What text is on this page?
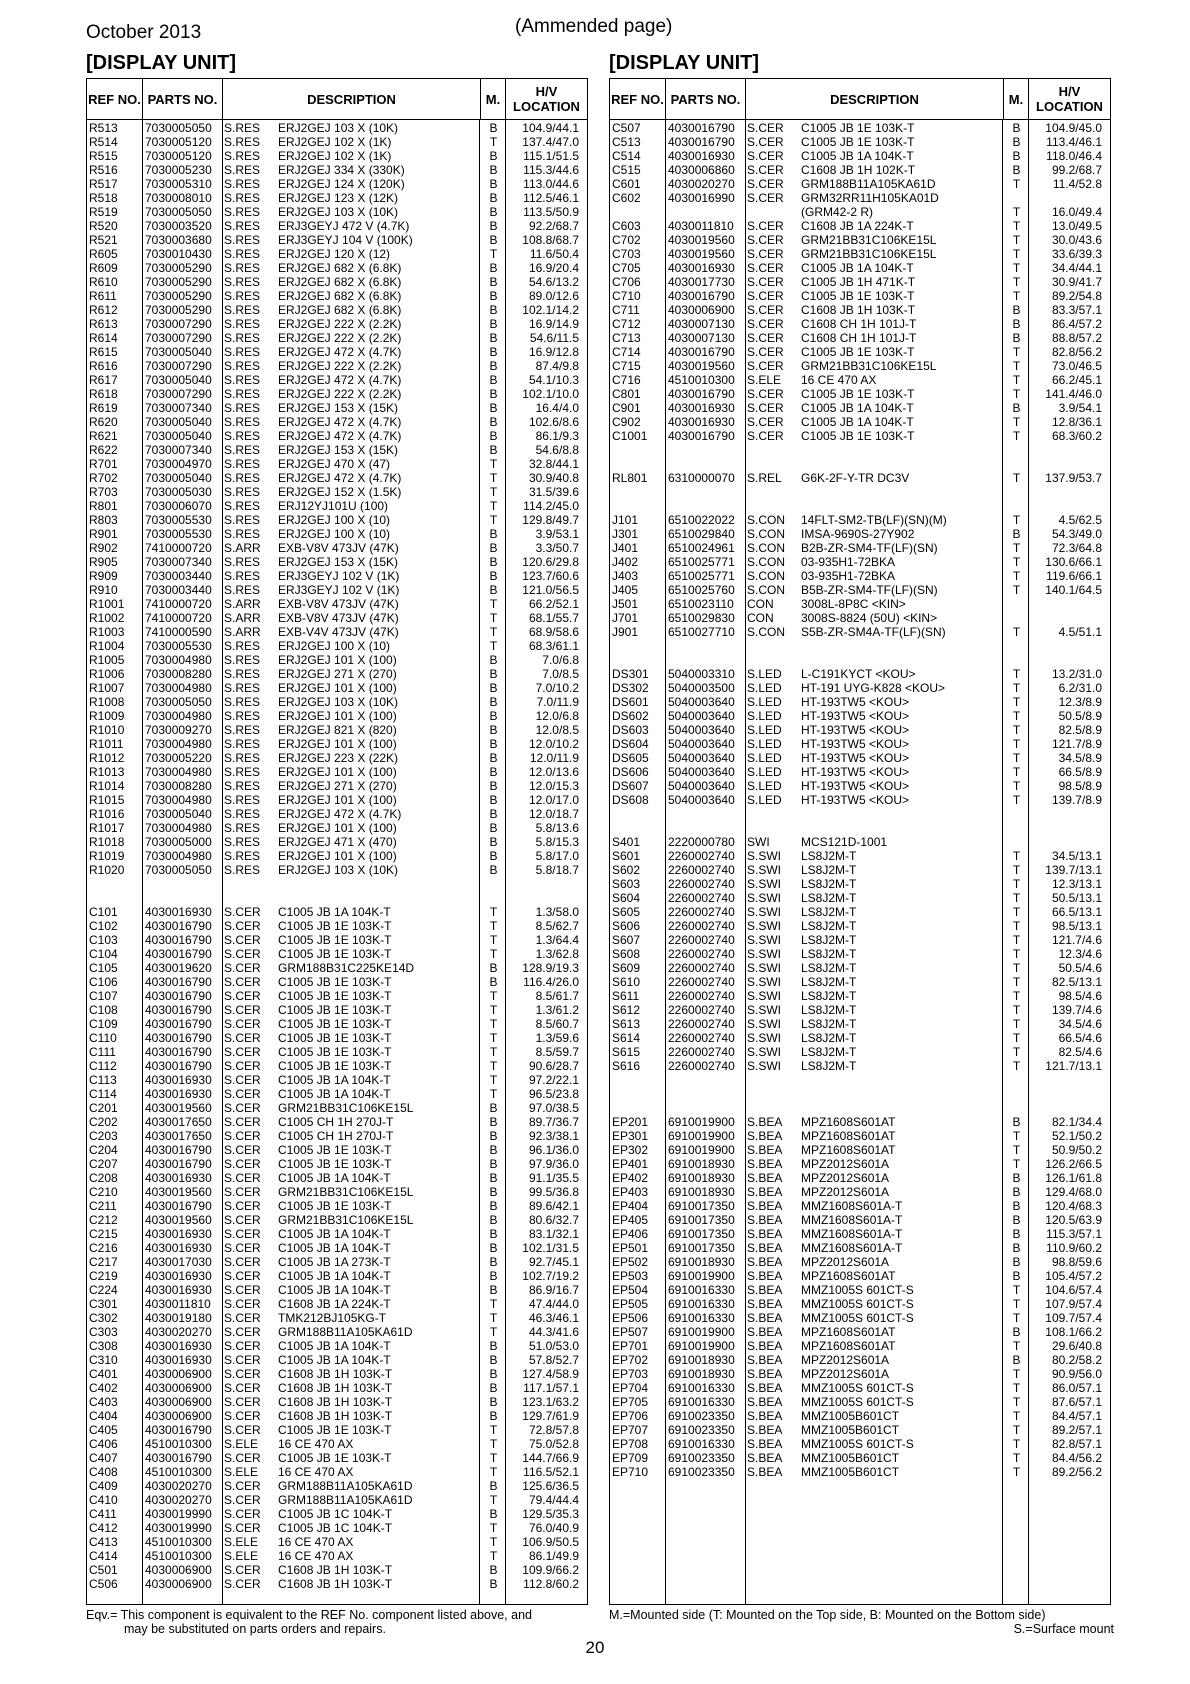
October 2013	(Ammended page)
[DISPLAY UNIT]	[DISPLAY UNIT]
REF NO. PARTS NO.	DESCRIPTION	M.	H/V LOCATION
R513 7030005050 S.RES ERJ2GEJ 103 X (10K)	B	104.9/44.1
R514 7030005120 S.RES ERJ2GEJ 102 X (1K)	T	137.4/47.0
R515 7030005120 S.RES ERJ2GEJ 102 X (1K)	B	115.1/51.5
R516 7030005230 S.RES ERJ2GEJ 334 X (330K)	B	115.3/44.6
R517 7030005310 S.RES ERJ2GEJ 124 X (120K)	B	113.0/44.6
R518 7030008010 S.RES ERJ2GEJ 123 X (12K)	B	112.5/46.1
R519 7030005050 S.RES ERJ2GEJ 103 X (10K)	B	113.5/50.9
R520 7030003520 S.RES ERJ3GEYJ 472 V (4.7K)	B	92.2/68.7
R521 7030003680 S.RES ERJ3GEYJ 104 V (100K)	B	108.8/68.7
R605 7030010430 S.RES ERJ2GEJ 120 X (12)	T	11.6/50.4
R609 7030005290 S.RES ERJ2GEJ 682 X (6.8K)	B	16.9/20.4
R610 7030005290 S.RES ERJ2GEJ 682 X (6.8K)	B	54.6/13.2
R611 7030005290 S.RES ERJ2GEJ 682 X (6.8K)	B	89.0/12.6
R612 7030005290 S.RES ERJ2GEJ 682 X (6.8K)	B	102.1/14.2
R613 7030007290 S.RES ERJ2GEJ 222 X (2.2K)	B	16.9/14.9
R614 7030007290 S.RES ERJ2GEJ 222 X (2.2K)	B	54.6/11.5
R615 7030005040 S.RES ERJ2GEJ 472 X (4.7K)	B	16.9/12.8
R616 7030007290 S.RES ERJ2GEJ 222 X (2.2K)	B	87.4/9.8
R617 7030005040 S.RES ERJ2GEJ 472 X (4.7K)	B	54.1/10.3
R618 7030007290 S.RES ERJ2GEJ 222 X (2.2K)	B	102.1/10.0
R619 7030007340 S.RES ERJ2GEJ 153 X (15K)	B	16.4/4.0
R620 7030005040 S.RES ERJ2GEJ 472 X (4.7K)	B	102.6/8.6
R621 7030005040 S.RES ERJ2GEJ 472 X (4.7K)	B	86.1/9.3
R622 7030007340 S.RES ERJ2GEJ 153 X (15K)	B	54.6/8.8
R701 7030004970 S.RES ERJ2GEJ 470 X (47)	T	32.8/44.1
R702 7030005040 S.RES ERJ2GEJ 472 X (4.7K)	T	30.9/40.8
R703 7030005030 S.RES ERJ2GEJ 152 X (1.5K)	T	31.5/39.6
R801 7030006070 S.RES ERJ12YJ101U (100)	T	114.2/45.0
R803 7030005530 S.RES ERJ2GEJ 100 X (10)	T	129.8/49.7
R901 7030005530 S.RES ERJ2GEJ 100 X (10)	B	3.9/53.1
R902 7410000720 S.ARR EXB-V8V 473JV (47K)	B	3.3/50.7
R905 7030007340 S.RES ERJ2GEJ 153 X (15K)	B	120.6/29.8
R909 7030003440 S.RES ERJ3GEYJ 102 V (1K)	B	123.7/60.6
R910 7030003440 S.RES ERJ3GEYJ 102 V (1K)	B	121.0/56.5
R1001 7410000720 S.ARR EXB-V8V 473JV (47K)	T	66.2/52.1
R1002 7410000720 S.ARR EXB-V8V 473JV (47K)	T	68.1/55.7
R1003 7410000590 S.ARR EXB-V4V 473JV (47K)	T	68.9/58.6
R1004 7030005530 S.RES ERJ2GEJ 100 X (10)	T	68.3/61.1
R1005 7030004980 S.RES ERJ2GEJ 101 X (100)	B	7.0/6.8
R1006 7030008280 S.RES ERJ2GEJ 271 X (270)	B	7.0/8.5
R1007 7030004980 S.RES ERJ2GEJ 101 X (100)	B	7.0/10.2
R1008 7030005050 S.RES ERJ2GEJ 103 X (10K)	B	7.0/11.9
R1009 7030004980 S.RES ERJ2GEJ 101 X (100)	B	12.0/6.8
R1010 7030009270 S.RES ERJ2GEJ 821 X (820)	B	12.0/8.5
R1011 7030004980 S.RES ERJ2GEJ 101 X (100)	B	12.0/10.2
R1012 7030005220 S.RES ERJ2GEJ 223 X (22K)	B	12.0/11.9
R1013 7030004980 S.RES ERJ2GEJ 101 X (100)	B	12.0/13.6
R1014 7030008280 S.RES ERJ2GEJ 271 X (270)	B	12.0/15.3
R1015 7030004980 S.RES ERJ2GEJ 101 X (100)	B	12.0/17.0
R1016 7030005040 S.RES ERJ2GEJ 472 X (4.7K)	B	12.0/18.7
R1017 7030004980 S.RES ERJ2GEJ 101 X (100)	B	5.8/13.6
R1018 7030005000 S.RES ERJ2GEJ 471 X (470)	B	5.8/15.3
R1019 7030004980 S.RES ERJ2GEJ 101 X (100)	B	5.8/17.0
R1020 7030005050 S.RES ERJ2GEJ 103 X (10K)	B	5.8/18.7
C101 4030016930 S.CER C1005 JB 1A 104K-T	T	1.3/58.0
C102 4030016790 S.CER C1005 JB 1E 103K-T	T	8.5/62.7
C103 4030016790 S.CER C1005 JB 1E 103K-T	T	1.3/64.4
C104 4030016790 S.CER C1005 JB 1E 103K-T	T	1.3/62.8
C105 4030019620 S.CER GRM188B31C225KE14D	B	128.9/19.3
C106 4030016790 S.CER C1005 JB 1E 103K-T	B	116.4/26.0
C107 4030016790 S.CER C1005 JB 1E 103K-T	T	8.5/61.7
C108 4030016790 S.CER C1005 JB 1E 103K-T	T	1.3/61.2
C109 4030016790 S.CER C1005 JB 1E 103K-T	T	8.5/60.7
C110 4030016790 S.CER C1005 JB 1E 103K-T	T	1.3/59.6
C111 4030016790 S.CER C1005 JB 1E 103K-T	T	8.5/59.7
C112 4030016790 S.CER C1005 JB 1E 103K-T	T	90.6/28.7
C113 4030016930 S.CER C1005 JB 1A 104K-T	T	97.2/22.1
C114 4030016930 S.CER C1005 JB 1A 104K-T	T	96.5/23.8
C201 4030019560 S.CER GRM21BB31C106KE15L	B	97.0/38.5
C202 4030017650 S.CER C1005 CH 1H 270J-T	B	89.7/36.7
C203 4030017650 S.CER C1005 CH 1H 270J-T	B	92.3/38.1
C204 4030016790 S.CER C1005 JB 1E 103K-T	B	96.1/36.0
C207 4030016790 S.CER C1005 JB 1E 103K-T	B	97.9/36.0
C208 4030016930 S.CER C1005 JB 1A 104K-T	B	91.1/35.5
C210 4030019560 S.CER GRM21BB31C106KE15L	B	99.5/36.8
C211 4030016790 S.CER C1005 JB 1E 103K-T	B	89.6/42.1
C212 4030019560 S.CER GRM21BB31C106KE15L	B	80.6/32.7
C215 4030016930 S.CER C1005 JB 1A 104K-T	B	83.1/32.1
C216 4030016930 S.CER C1005 JB 1A 104K-T	B	102.1/31.5
C217 4030017030 S.CER C1005 JB 1A 273K-T	B	92.7/45.1
C219 4030016930 S.CER C1005 JB 1A 104K-T	B	102.7/19.2
C224 4030016930 S.CER C1005 JB 1A 104K-T	B	86.9/16.7
C301 4030011810 S.CER C1608 JB 1A 224K-T	T	47.4/44.0
C302 4030019180 S.CER TMK212BJ105KG-T	T	46.3/46.1
C303 4030020270 S.CER GRM188B11A105KA61D	T	44.3/41.6
C308 4030016930 S.CER C1005 JB 1A 104K-T	B	51.0/53.0
C310 4030016930 S.CER C1005 JB 1A 104K-T	B	57.8/52.7
C401 4030006900 S.CER C1608 JB 1H 103K-T	B	127.4/58.9
C402 4030006900 S.CER C1608 JB 1H 103K-T	B	117.1/57.1
C403 4030006900 S.CER C1608 JB 1H 103K-T	B	123.1/63.2
C404 4030006900 S.CER C1608 JB 1H 103K-T	B	129.7/61.9
C405 4030016790 S.CER C1005 JB 1E 103K-T	T	72.8/57.8
C406 4510010300 S.ELE 16 CE 470 AX	T	75.0/52.8
C407 4030016790 S.CER C1005 JB 1E 103K-T	T	144.7/66.9
C408 4510010300 S.ELE 16 CE 470 AX	T	116.5/52.1
C409 4030020270 S.CER GRM188B11A105KA61D	B	125.6/36.5
C410 4030020270 S.CER GRM188B11A105KA61D	T	79.4/44.4
C411 4030019990 S.CER C1005 JB 1C 104K-T	B	129.5/35.3
C412 4030019990 S.CER C1005 JB 1C 104K-T	T	76.0/40.9
C413 4510010300 S.ELE 16 CE 470 AX	T	106.9/50.5
C414 4510010300 S.ELE 16 CE 470 AX	T	86.1/49.9
C501 4030006900 S.CER C1608 JB 1H 103K-T	B	109.9/66.2
C506 4030006900 S.CER C1608 JB 1H 103K-T	B	112.8/60.2
REF NO. PARTS NO.	DESCRIPTION	M.	H/V LOCATION
C507 4030016790 S.CER C1005 JB 1E 103K-T	B	104.9/45.0
C513 4030016790 S.CER C1005 JB 1E 103K-T	B	113.4/46.1
C514 4030016930 S.CER C1005 JB 1A 104K-T	B	118.0/46.4
C515 4030006860 S.CER C1608 JB 1H 102K-T	B	99.2/68.7
C601 4030020270 S.CER GRM188B11A105KA61D	T	11.4/52.8
C602 4030016990 S.CER GRM32RR11H105KA01D
(GRM42-2 R)	T	16.0/49.4
C603 4030011810 S.CER C1608 JB 1A 224K-T	T	13.0/49.5
C702 4030019560 S.CER GRM21BB31C106KE15L	T	30.0/43.6
C703 4030019560 S.CER GRM21BB31C106KE15L	T	33.6/39.3
C705 4030016930 S.CER C1005 JB 1A 104K-T	T	34.4/44.1
C706 4030017730 S.CER C1005 JB 1H 471K-T	T	30.9/41.7
C710 4030016790 S.CER C1005 JB 1E 103K-T	T	89.2/54.8
C711 4030006900 S.CER C1608 JB 1H 103K-T	B	83.3/57.1
C712 4030007130 S.CER C1608 CH 1H 101J-T	B	86.4/57.2
C713 4030007130 S.CER C1608 CH 1H 101J-T	B	88.8/57.2
C714 4030016790 S.CER C1005 JB 1E 103K-T	T	82.8/56.2
C715 4030019560 S.CER GRM21BB31C106KE15L	T	73.0/46.5
C716 4510010300 S.ELE 16 CE 470 AX	T	66.2/45.1
C801 4030016790 S.CER C1005 JB 1E 103K-T	T	141.4/46.0
C901 4030016930 S.CER C1005 JB 1A 104K-T	B	3.9/54.1
C902 4030016930 S.CER C1005 JB 1A 104K-T	T	12.8/36.1
C1001 4030016790 S.CER C1005 JB 1E 103K-T	T	68.3/60.2
RL801 6310000070 S.REL G6K-2F-Y-TR DC3V	T	137.9/53.7
J101 6510022022 S.CON 14FLT-SM2-TB(LF)(SN)(M)	T	4.5/62.5
J301 6510029840 S.CON IMSA-9690S-27Y902	B	54.3/49.0
J401 6510024961 S.CON B2B-ZR-SM4-TF(LF)(SN)	T	72.3/64.8
J402 6510025771 S.CON 03-935H1-72BKA	T	130.6/66.1
J403 6510025771 S.CON 03-935H1-72BKA	T	119.6/66.1
J405 6510025760 S.CON B5B-ZR-SM4-TF(LF)(SN)	T	140.1/64.5
J501 6510023110 CON 3008L-8P8C <KIN>
J701 6510029830 CON 3008S-8824 (50U) <KIN>
J901 6510027710 S.CON S5B-ZR-SM4A-TF(LF)(SN)	T	4.5/51.1
DS301 5040003310 S.LED L-C191KYCT <KOU>	T	13.2/31.0
DS302 5040003500 S.LED HT-191 UYG-K828 <KOU>	T	6.2/31.0
DS601 5040003640 S.LED HT-193TW5 <KOU>	T	12.3/8.9
DS602 5040003640 S.LED HT-193TW5 <KOU>	T	50.5/8.9
DS603 5040003640 S.LED HT-193TW5 <KOU>	T	82.5/8.9
DS604 5040003640 S.LED HT-193TW5 <KOU>	T	121.7/8.9
DS605 5040003640 S.LED HT-193TW5 <KOU>	T	34.5/8.9
DS606 5040003640 S.LED HT-193TW5 <KOU>	T	66.5/8.9
DS607 5040003640 S.LED HT-193TW5 <KOU>	T	98.5/8.9
DS608 5040003640 S.LED HT-193TW5 <KOU>	T	139.7/8.9
S401 2220000780 SWI	MCS121D-1001
S601 2260002740 S.SWI LS8J2M-T	T	34.5/13.1
S602 2260002740 S.SWI LS8J2M-T	T	139.7/13.1
S603 2260002740 S.SWI LS8J2M-T	T	12.3/13.1
S604 2260002740 S.SWI LS8J2M-T	T	50.5/13.1
S605 2260002740 S.SWI LS8J2M-T	T	66.5/13.1
S606 2260002740 S.SWI LS8J2M-T	T	98.5/13.1
S607 2260002740 S.SWI LS8J2M-T	T	121.7/4.6
S608 2260002740 S.SWI LS8J2M-T	T	12.3/4.6
S609 2260002740 S.SWI LS8J2M-T	T	50.5/4.6
S610 2260002740 S.SWI LS8J2M-T	T	82.5/13.1
S611 2260002740 S.SWI LS8J2M-T	T	98.5/4.6
S612 2260002740 S.SWI LS8J2M-T	T	139.7/4.6
S613 2260002740 S.SWI LS8J2M-T	T	34.5/4.6
S614 2260002740 S.SWI LS8J2M-T	T	66.5/4.6
S615 2260002740 S.SWI LS8J2M-T	T	82.5/4.6
S616 2260002740 S.SWI LS8J2M-T	T	121.7/13.1
EP201 6910019900 S.BEA MPZ1608S601AT	B	82.1/34.4
EP301 6910019900 S.BEA MPZ1608S601AT	T	52.1/50.2
EP302 6910019900 S.BEA MPZ1608S601AT	T	50.9/50.2
EP401 6910018930 S.BEA MPZ2012S601A	T	126.2/66.5
EP402 6910018930 S.BEA MPZ2012S601A	B	126.1/61.8
EP403 6910018930 S.BEA MPZ2012S601A	B	129.4/68.0
EP404 6910017350 S.BEA MMZ1608S601A-T	B	120.4/68.3
EP405 6910017350 S.BEA MMZ1608S601A-T	B	120.5/63.9
EP406 6910017350 S.BEA MMZ1608S601A-T	B	115.3/57.1
EP501 6910017350 S.BEA MMZ1608S601A-T	B	110.9/60.2
EP502 6910018930 S.BEA MPZ2012S601A	B	98.8/59.6
EP503 6910019900 S.BEA MPZ1608S601AT	B	105.4/57.2
EP504 6910016330 S.BEA MMZ1005S 601CT-S	T	104.6/57.4
EP505 6910016330 S.BEA MMZ1005S 601CT-S	T	107.9/57.4
EP506 6910016330 S.BEA MMZ1005S 601CT-S	T	109.7/57.4
EP507 6910019900 S.BEA MPZ1608S601AT	B	108.1/66.2
EP701 6910019900 S.BEA MPZ1608S601AT	T	29.6/40.8
EP702 6910018930 S.BEA MPZ2012S601A	B	80.2/58.2
EP703 6910018930 S.BEA MPZ2012S601A	T	90.9/56.0
EP704 6910016330 S.BEA MMZ1005S 601CT-S	T	86.0/57.1
EP705 6910016330 S.BEA MMZ1005S 601CT-S	T	87.6/57.1
EP706 6910023350 S.BEA MMZ1005B601CT	T	84.4/57.1
EP707 6910023350 S.BEA MMZ1005B601CT	T	89.2/57.1
EP708 6910016330 S.BEA MMZ1005S 601CT-S	T	82.8/57.1
EP709 6910023350 S.BEA MMZ1005B601CT	T	84.4/56.2
EP710 6910023350 S.BEA MMZ1005B601CT	T	89.2/56.2
Eqv.= This component is equivalent to the REF No. component listed above, and
may be substituted on parts orders and repairs.
M.=Mounted side (T: Mounted on the Top side, B: Mounted on the Bottom side)
S.=Surface mount
20
